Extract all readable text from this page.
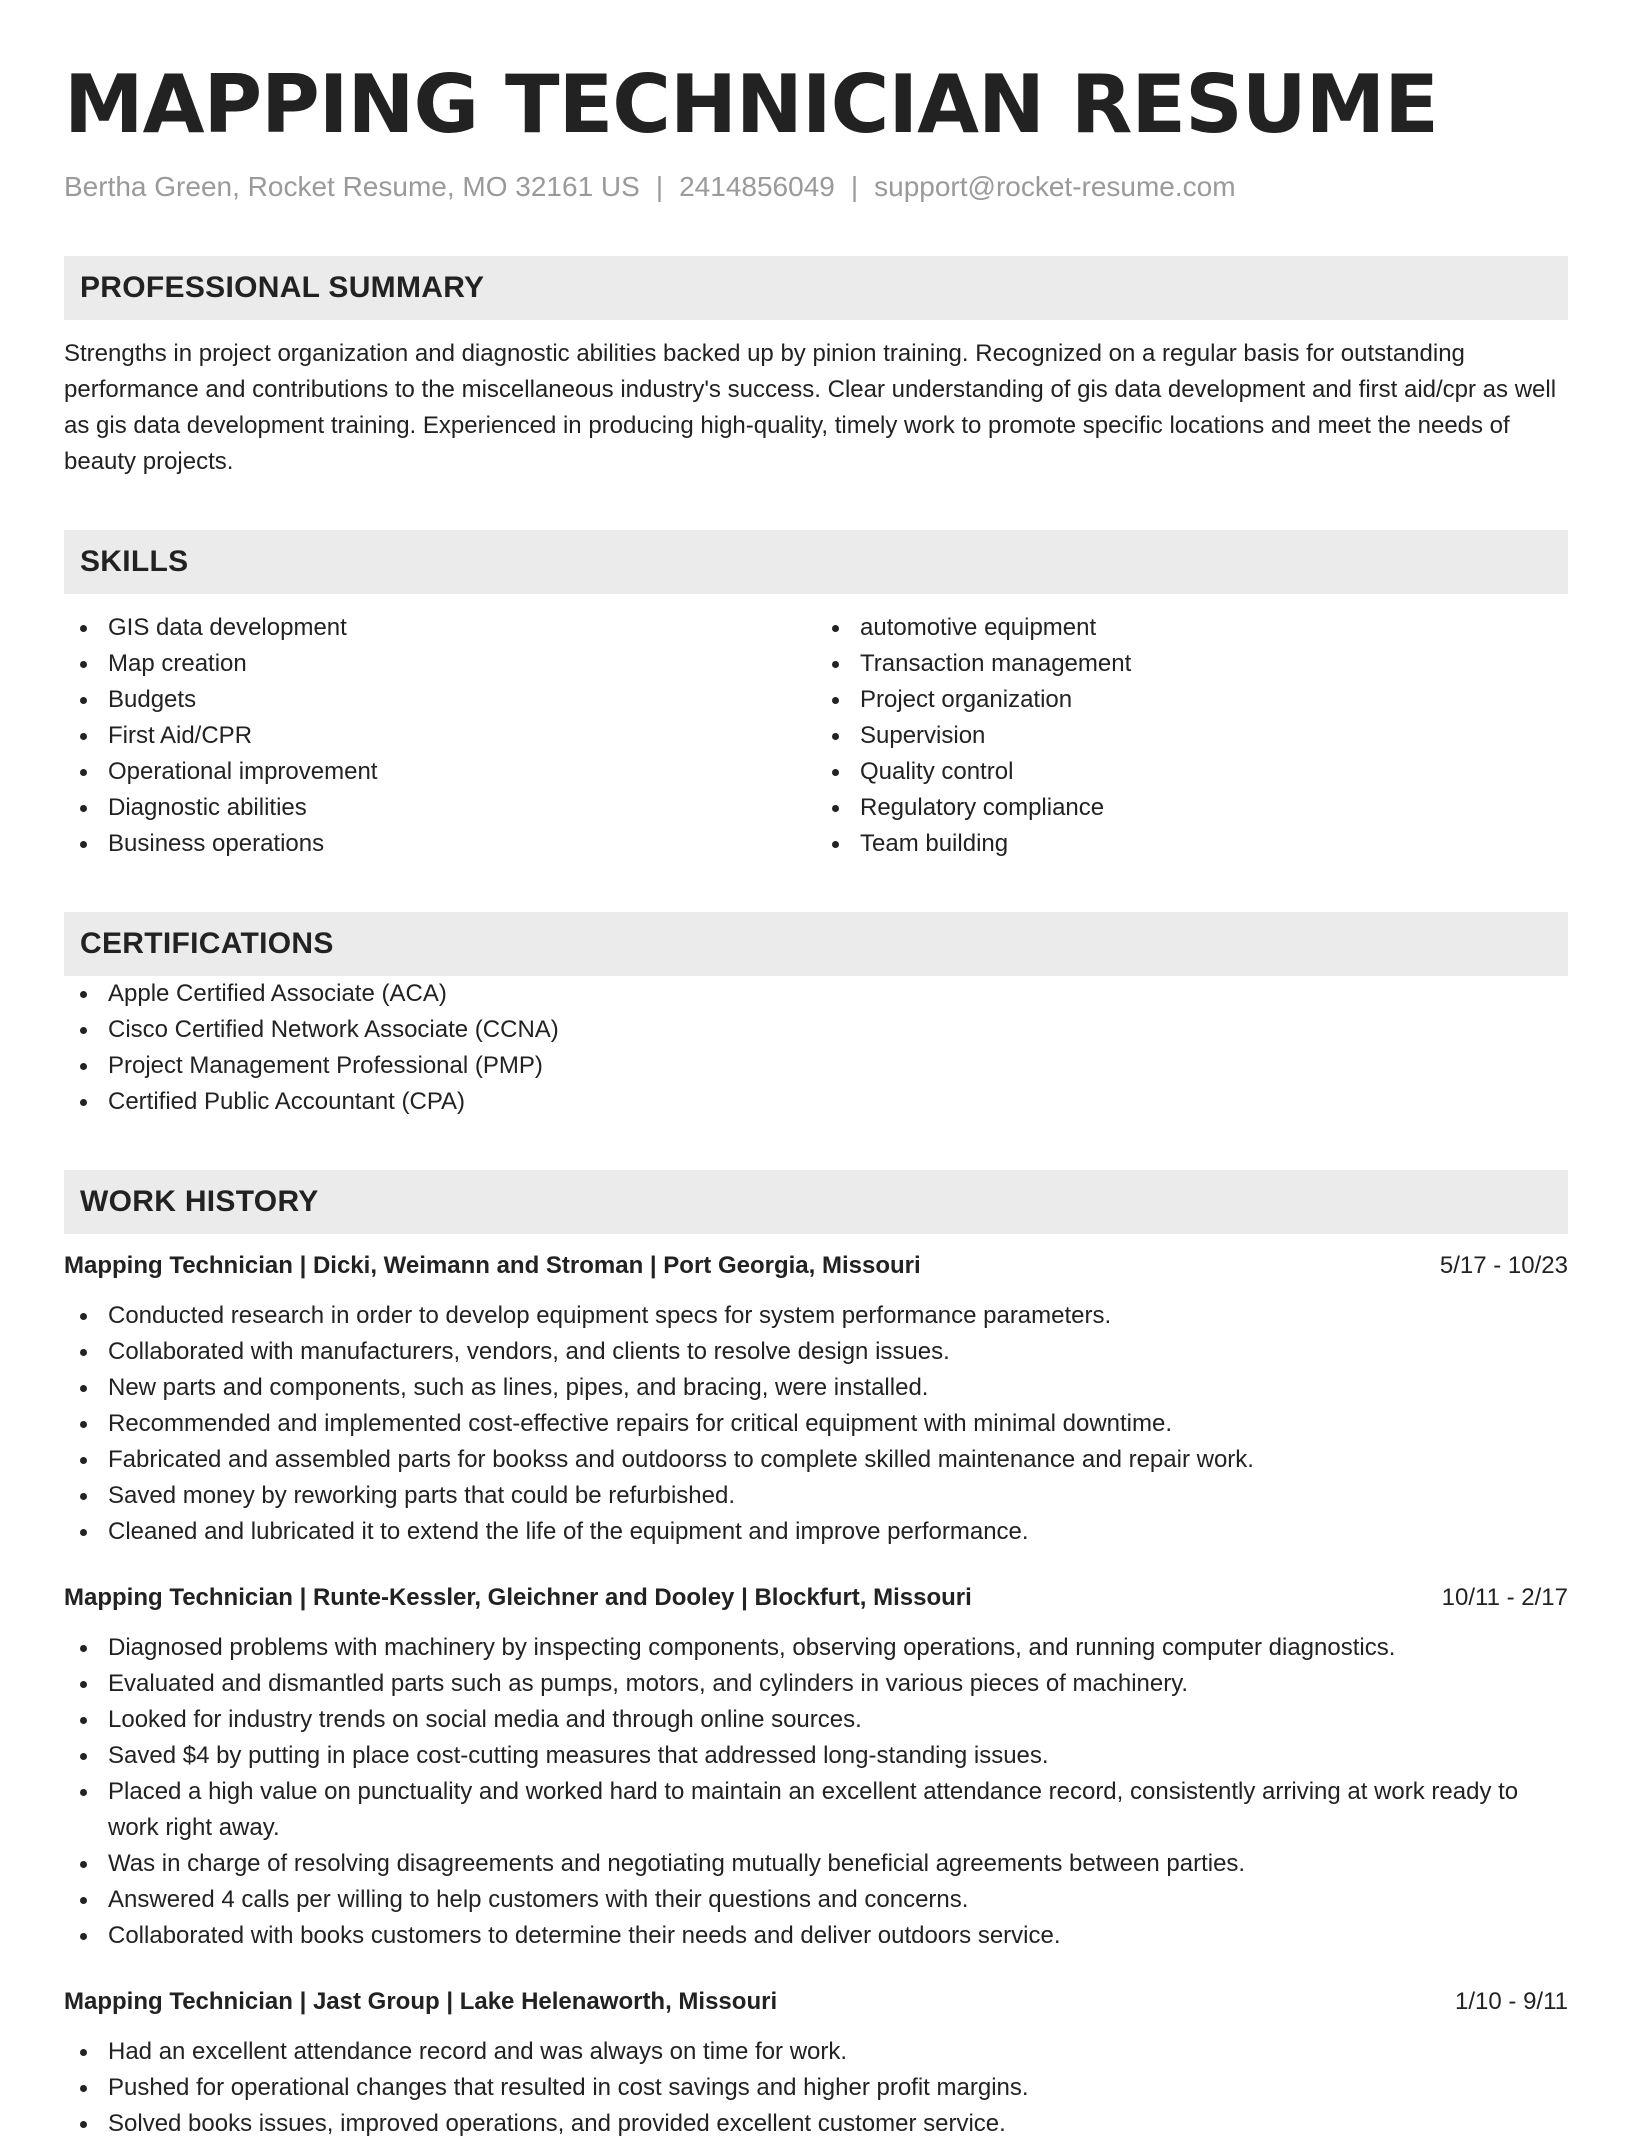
MAPPING TECHNICIAN RESUME
Bertha Green, Rocket Resume, MO 32161 US | 2414856049 | support@rocket-resume.com
PROFESSIONAL SUMMARY
Strengths in project organization and diagnostic abilities backed up by pinion training. Recognized on a regular basis for outstanding performance and contributions to the miscellaneous industry's success. Clear understanding of gis data development and first aid/cpr as well as gis data development training. Experienced in producing high-quality, timely work to promote specific locations and meet the needs of beauty projects.
SKILLS
GIS data development
Map creation
Budgets
First Aid/CPR
Operational improvement
Diagnostic abilities
Business operations
automotive equipment
Transaction management
Project organization
Supervision
Quality control
Regulatory compliance
Team building
CERTIFICATIONS
Apple Certified Associate (ACA)
Cisco Certified Network Associate (CCNA)
Project Management Professional (PMP)
Certified Public Accountant (CPA)
WORK HISTORY
Mapping Technician | Dicki, Weimann and Stroman | Port Georgia, Missouri	5/17 - 10/23
Conducted research in order to develop equipment specs for system performance parameters.
Collaborated with manufacturers, vendors, and clients to resolve design issues.
New parts and components, such as lines, pipes, and bracing, were installed.
Recommended and implemented cost-effective repairs for critical equipment with minimal downtime.
Fabricated and assembled parts for bookss and outdoorss to complete skilled maintenance and repair work.
Saved money by reworking parts that could be refurbished.
Cleaned and lubricated it to extend the life of the equipment and improve performance.
Mapping Technician | Runte-Kessler, Gleichner and Dooley | Blockfurt, Missouri	10/11 - 2/17
Diagnosed problems with machinery by inspecting components, observing operations, and running computer diagnostics.
Evaluated and dismantled parts such as pumps, motors, and cylinders in various pieces of machinery.
Looked for industry trends on social media and through online sources.
Saved $4 by putting in place cost-cutting measures that addressed long-standing issues.
Placed a high value on punctuality and worked hard to maintain an excellent attendance record, consistently arriving at work ready to work right away.
Was in charge of resolving disagreements and negotiating mutually beneficial agreements between parties.
Answered 4 calls per willing to help customers with their questions and concerns.
Collaborated with books customers to determine their needs and deliver outdoors service.
Mapping Technician | Jast Group | Lake Helenaworth, Missouri	1/10 - 9/11
Had an excellent attendance record and was always on time for work.
Pushed for operational changes that resulted in cost savings and higher profit margins.
Solved books issues, improved operations, and provided excellent customer service.
